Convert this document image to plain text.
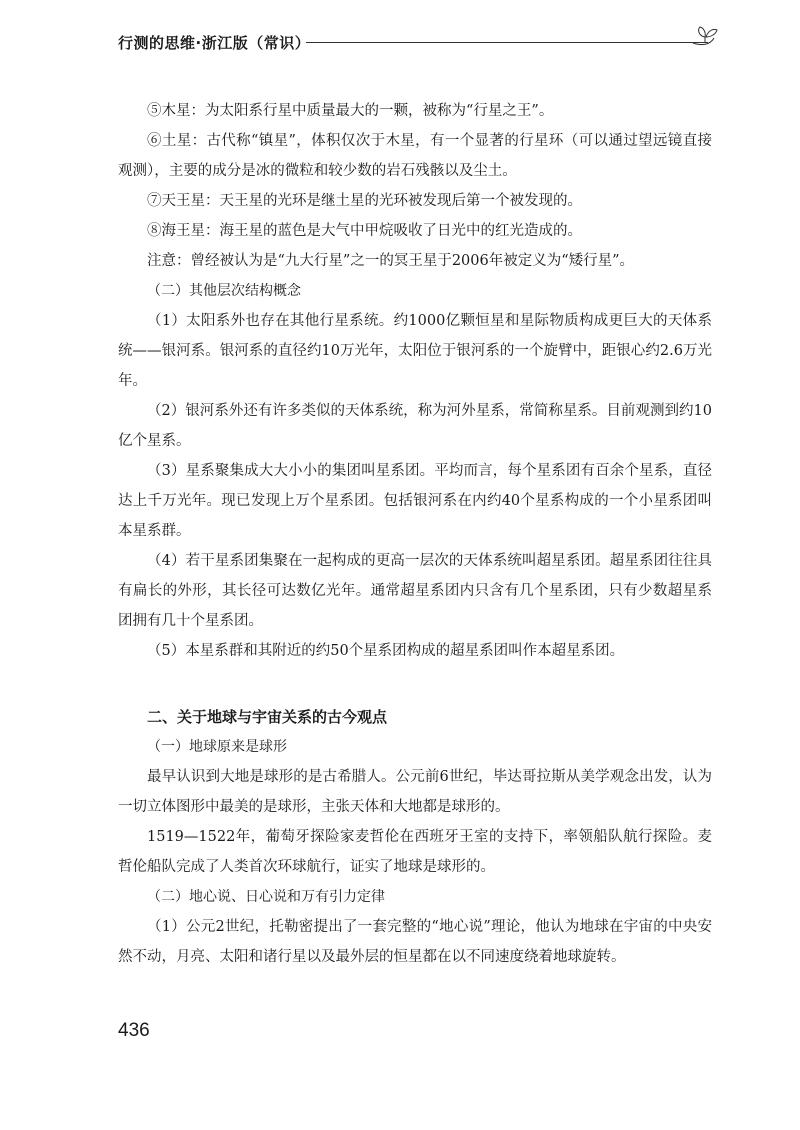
行测的思维·浙江版（常识）

⑤木星：为太阳系行星中质量最大的一颗，被称为“行星之王”。

⑥土星：古代称“镇星”，体积仅次于木星，有一个显著的行星环（可以通过望远镜直接观测），主要的成分是冰的微粒和较少数的岩石残骸以及尘土。

⑦天王星：天王星的光环是继土星的光环被发现后第一个被发现的。

⑧海王星：海王星的蓝色是大气中甲烷吸收了日光中的红光造成的。

注意：曾经被认为是“九大行星”之一的冥王星于2006年被定义为“矮行星”。

（二）其他层次结构概念

（1）太阳系外也存在其他行星系统。约1000亿颗恒星和星际物质构成更巨大的天体系统——银河系。银河系的直径约10万光年，太阳位于银河系的一个旋臂中，距银心约2.6万光年。

（2）银河系外还有许多类似的天体系统，称为河外星系，常简称星系。目前观测到约10亿个星系。

（3）星系聚集成大大小小的集团叫星系团。平均而言，每个星系团有百余个星系，直径达上千万光年。现已发现上万个星系团。包括银河系在内约40个星系构成的一个小星系团叫本星系群。

（4）若干星系团集聚在一起构成的更高一层次的天体系统叫超星系团。超星系团往往具有扁长的外形，其长径可达数亿光年。通常超星系团内只含有几个星系团，只有少数超星系团拥有几十个星系团。

（5）本星系群和其附近的约50个星系团构成的超星系团叫作本超星系团。

二、关于地球与宇宙关系的古今观点

（一）地球原来是球形

最早认识到大地是球形的是古希腊人。公元前6世纪，毕达哥拉斯从美学观念出发，认为一切立体图形中最美的是球形，主张天体和大地都是球形的。

1519—1522年，葡萄牙探险家麦哲伦在西班牙王室的支持下，率领船队航行探险。麦哲伦船队完成了人类首次环球航行，证实了地球是球形的。

（二）地心说、日心说和万有引力定律

（1）公元2世纪，托勒密提出了一套完整的“地心说”理论，他认为地球在宇宙的中央安然不动，月亮、太阳和诸行星以及最外层的恒星都在以不同速度绕着地球旋转。

436
